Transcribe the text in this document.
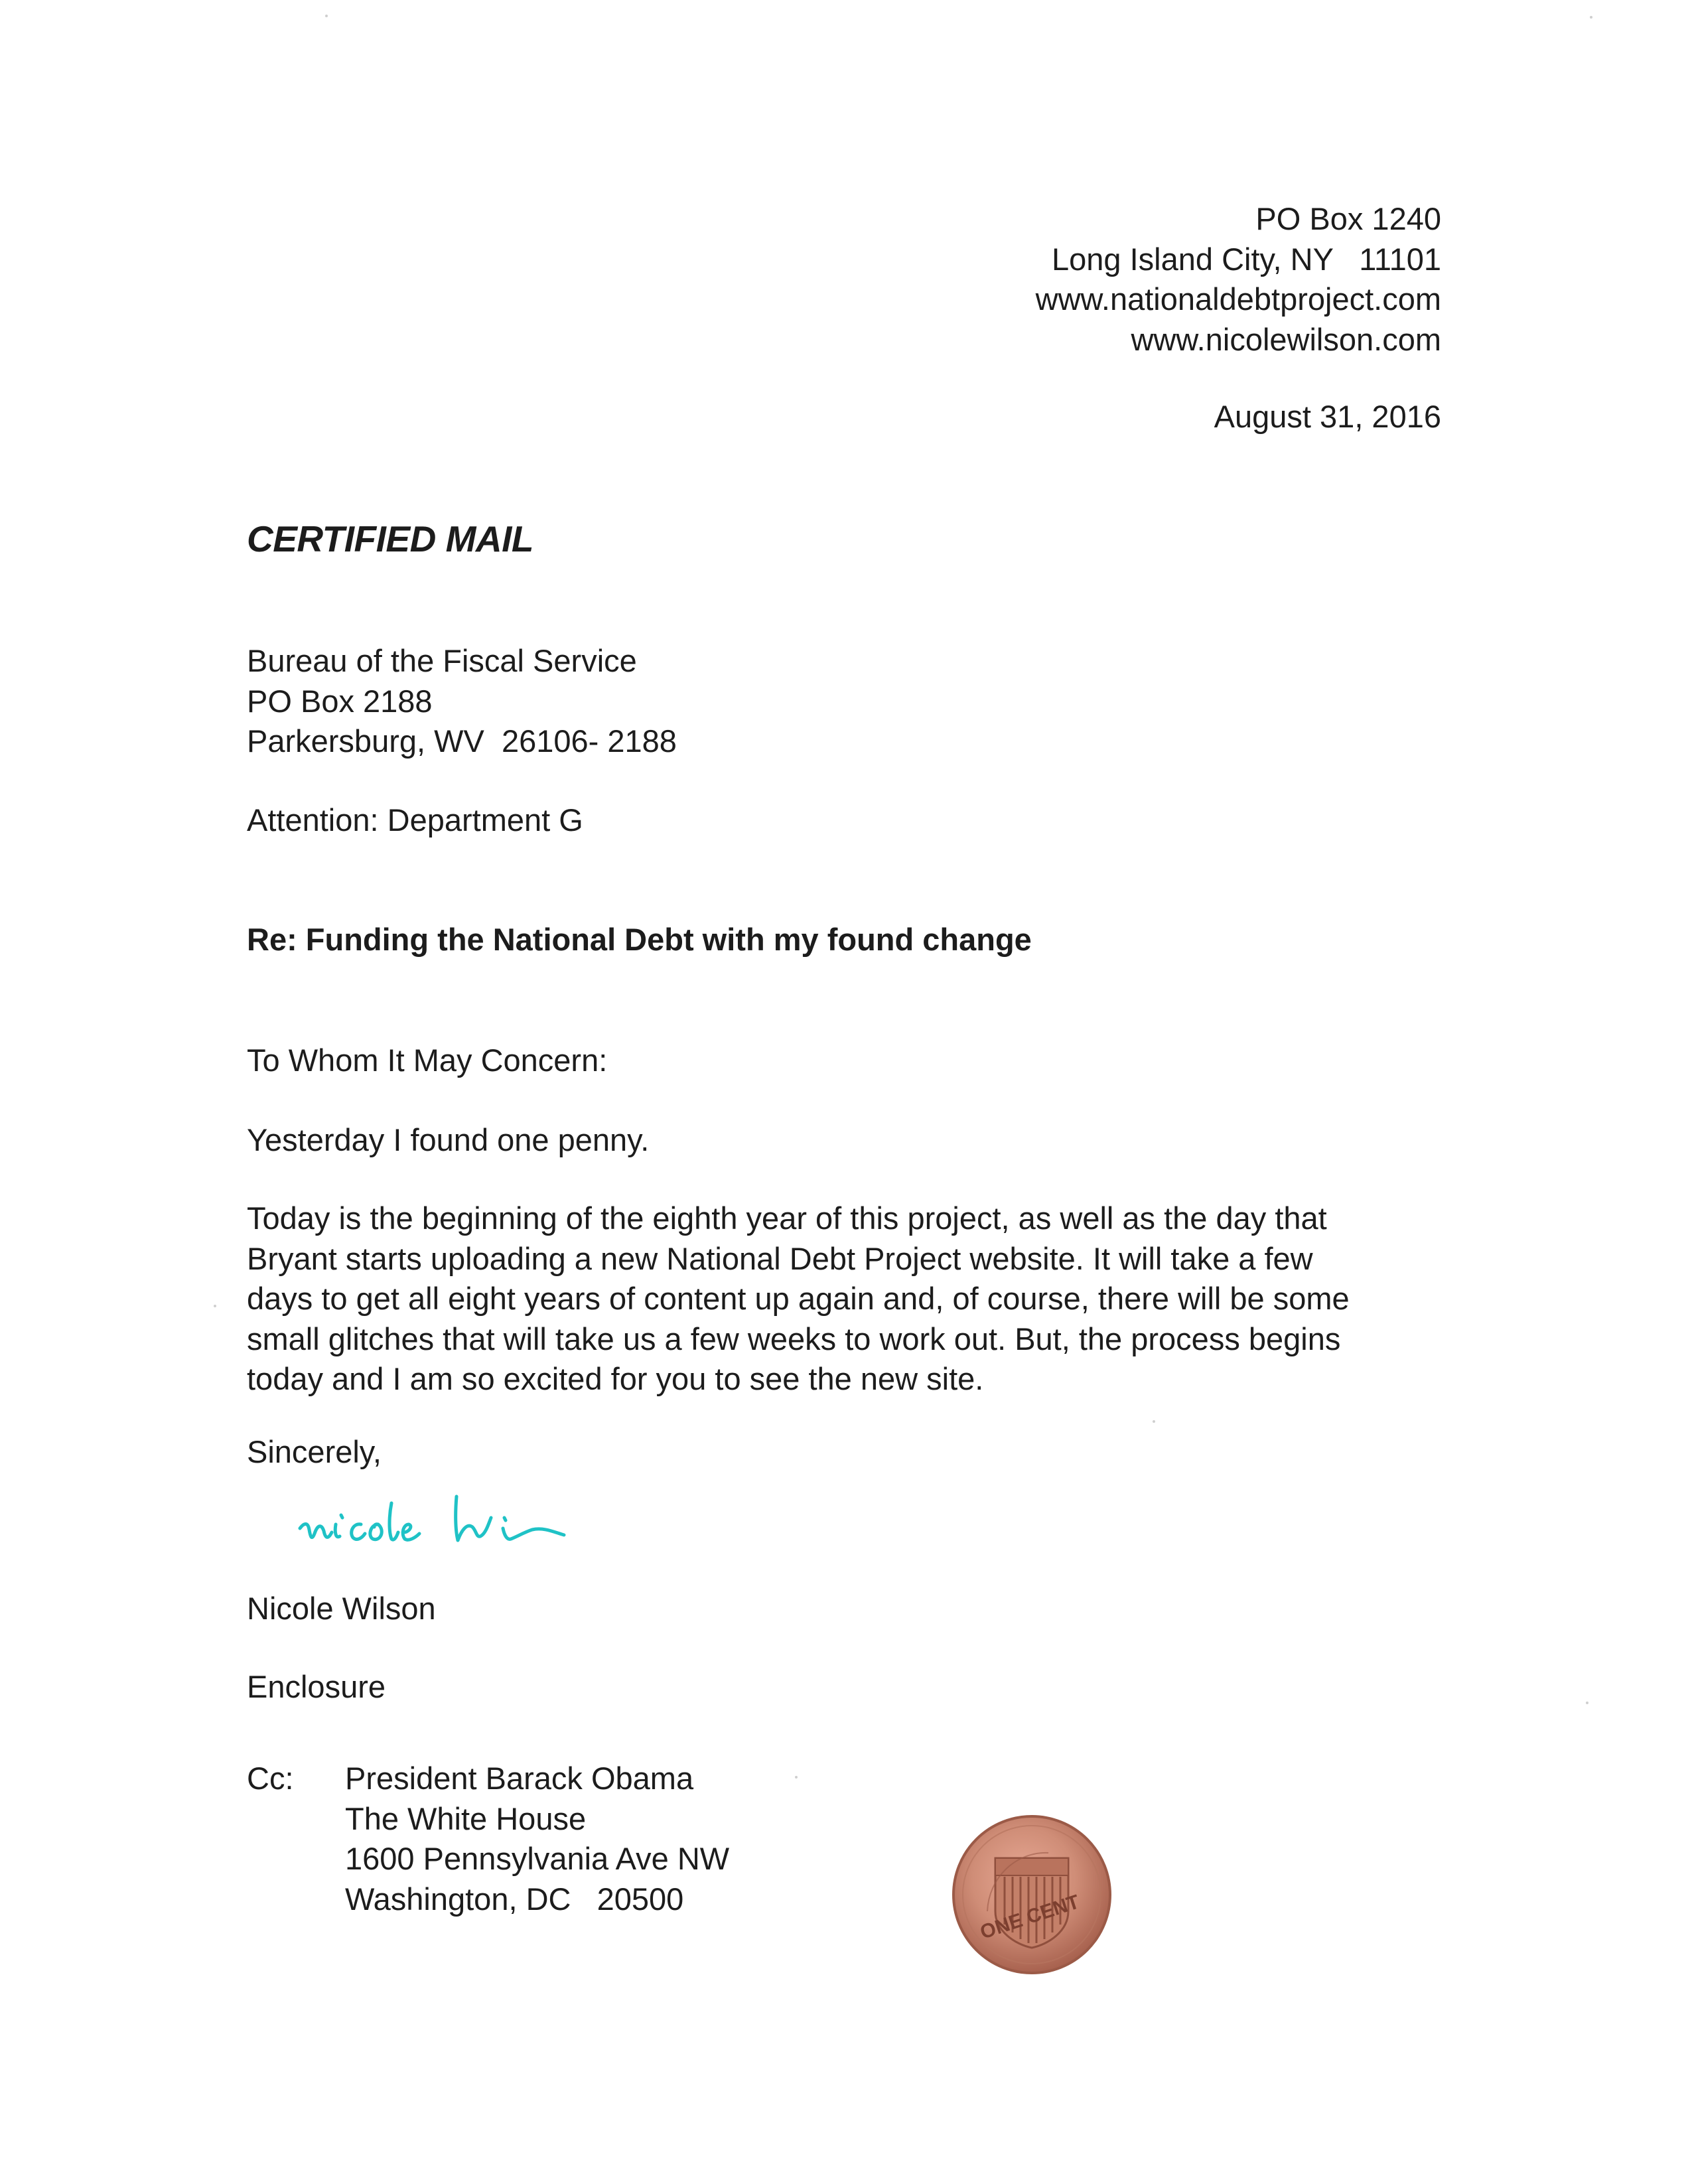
PO Box 1240
Long Island City, NY   11101
www.nationaldebtproject.com
www.nicolewilson.com
August 31, 2016
CERTIFIED MAIL
Bureau of the Fiscal Service
PO Box 2188
Parkersburg, WV  26106- 2188
Attention: Department G
Re: Funding the National Debt with my found change
To Whom It May Concern:
Yesterday I found one penny.
Today is the beginning of the eighth year of this project, as well as the day that
Bryant starts uploading a new National Debt Project website. It will take a few
days to get all eight years of content up again and, of course, there will be some
small glitches that will take us a few weeks to work out. But, the process begins
today and I am so excited for you to see the new site.
Sincerely,
Nicole Wilson
Enclosure
Cc: President Barack Obama
The White House
1600 Pennsylvania Ave NW
Washington, DC   20500	ONE CENT
